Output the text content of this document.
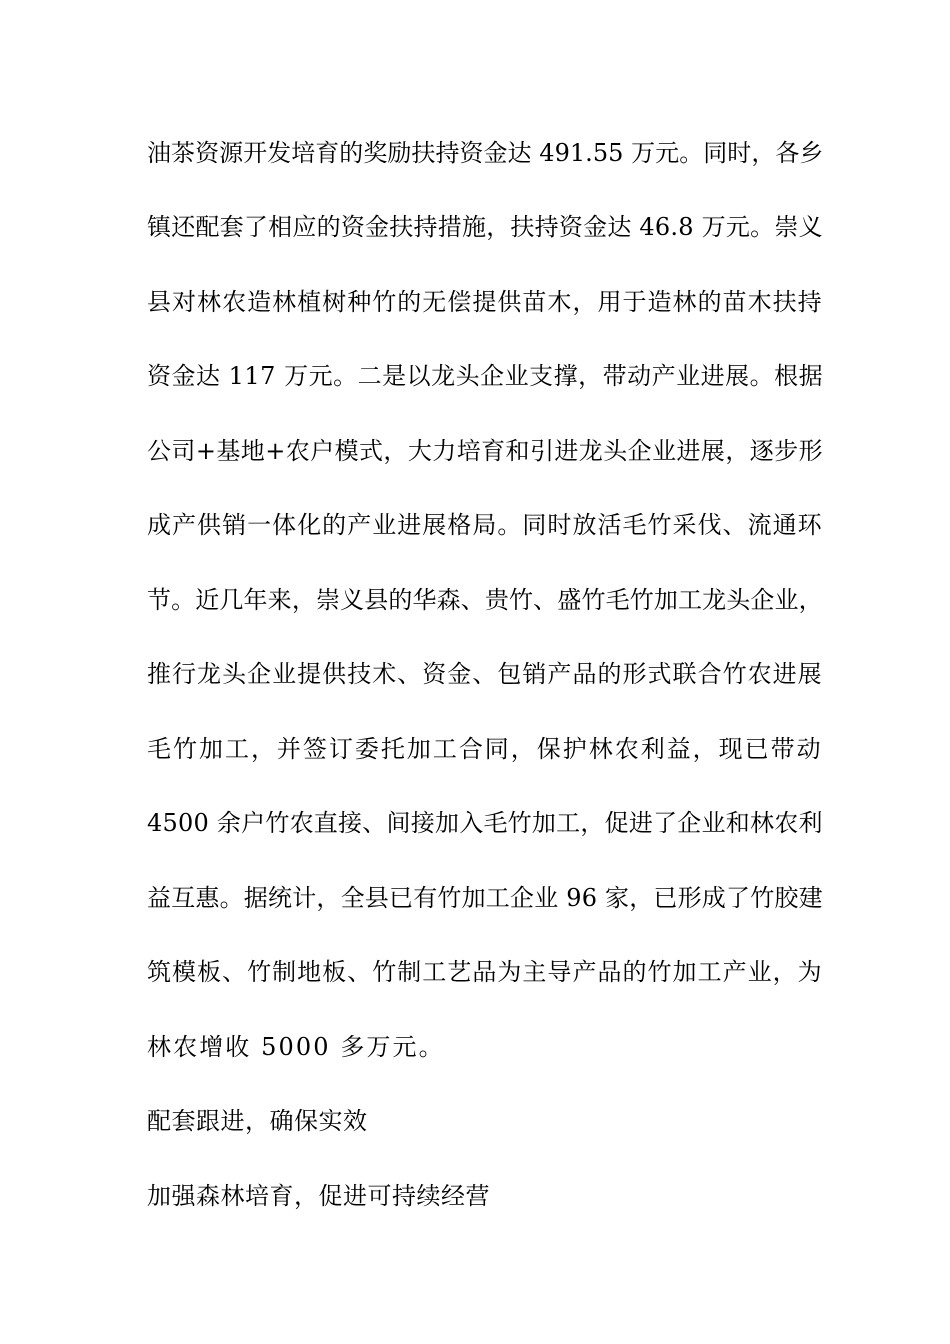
油茶资源开发培育的奖励扶持资金达 491.55 万元。同时，各乡
镇还配套了相应的资金扶持措施，扶持资金达 46.8 万元。崇义
县对林农造林植树种竹的无偿提供苗木，用于造林的苗木扶持
资金达 117 万元。二是以龙头企业支撑，带动产业进展。根据
公司+基地+农户模式，大力培育和引进龙头企业进展，逐步形
成产供销一体化的产业进展格局。同时放活毛竹采伐、流通环
节。近几年来，崇义县的华森、贵竹、盛竹毛竹加工龙头企业，
推行龙头企业提供技术、资金、包销产品的形式联合竹农进展
毛竹加工，并签订委托加工合同，保护林农利益，现已带动
4500 余户竹农直接、间接加入毛竹加工，促进了企业和林农利
益互惠。据统计，全县已有竹加工企业 96 家，已形成了竹胶建
筑模板、竹制地板、竹制工艺品为主导产品的竹加工产业，为
林农增收 5000 多万元。
配套跟进，确保实效
加强森林培育，促进可持续经营
